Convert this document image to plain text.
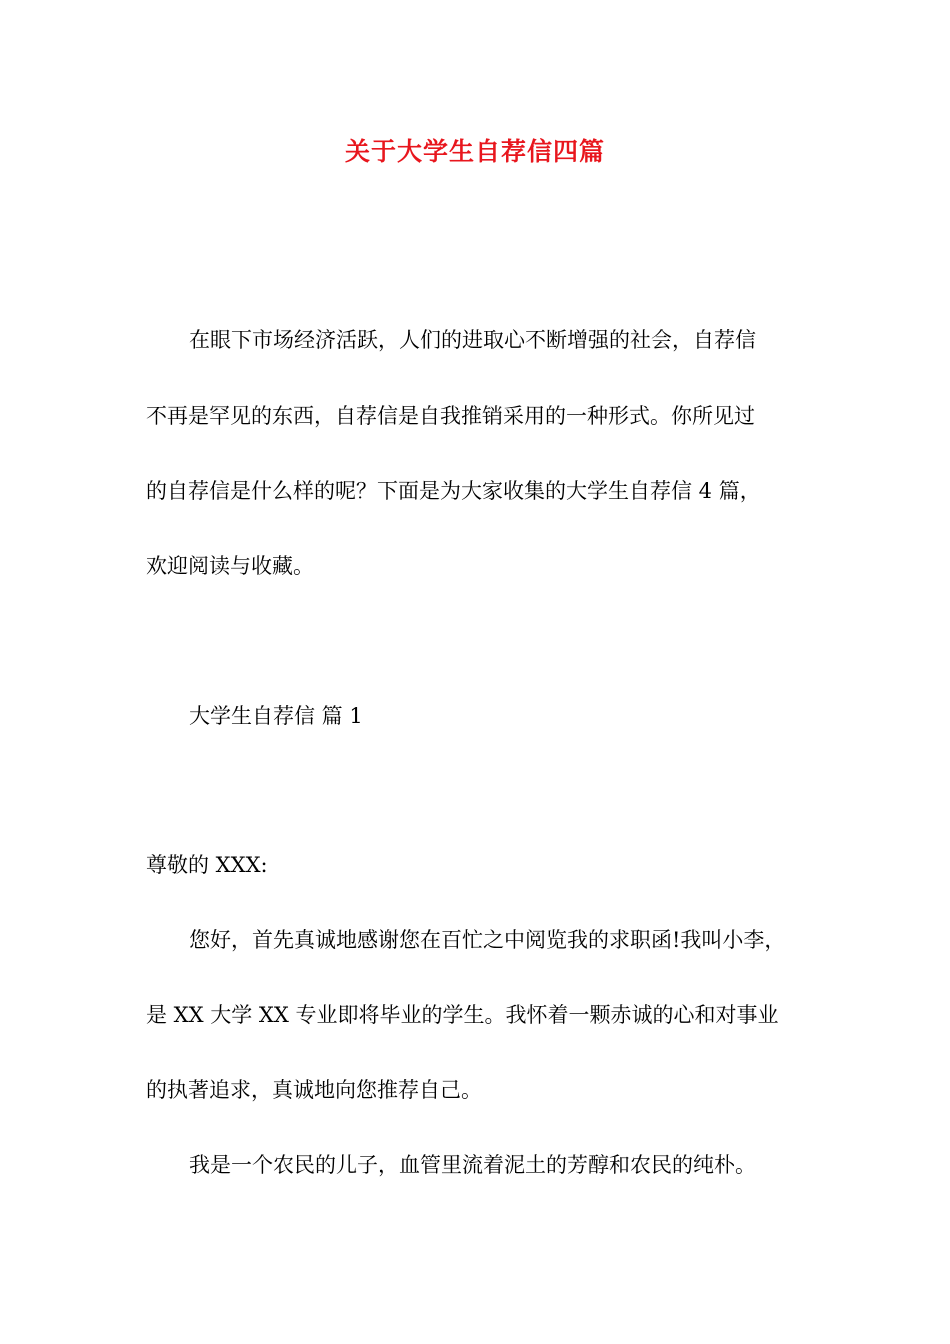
关于大学生自荐信四篇
在眼下市场经济活跃，人们的进取心不断增强的社会，自荐信
不再是罕见的东西，自荐信是自我推销采用的一种形式。你所见过
的自荐信是什么样的呢？下面是为大家收集的大学生自荐信 4 篇，
欢迎阅读与收藏。
大学生自荐信 篇 1
尊敬的 XXX:
您好，首先真诚地感谢您在百忙之中阅览我的求职函!我叫小李，
是 XX 大学 XX 专业即将毕业的学生。我怀着一颗赤诚的心和对事业
的执著追求，真诚地向您推荐自己。
我是一个农民的儿子，血管里流着泥土的芳醇和农民的纯朴。
